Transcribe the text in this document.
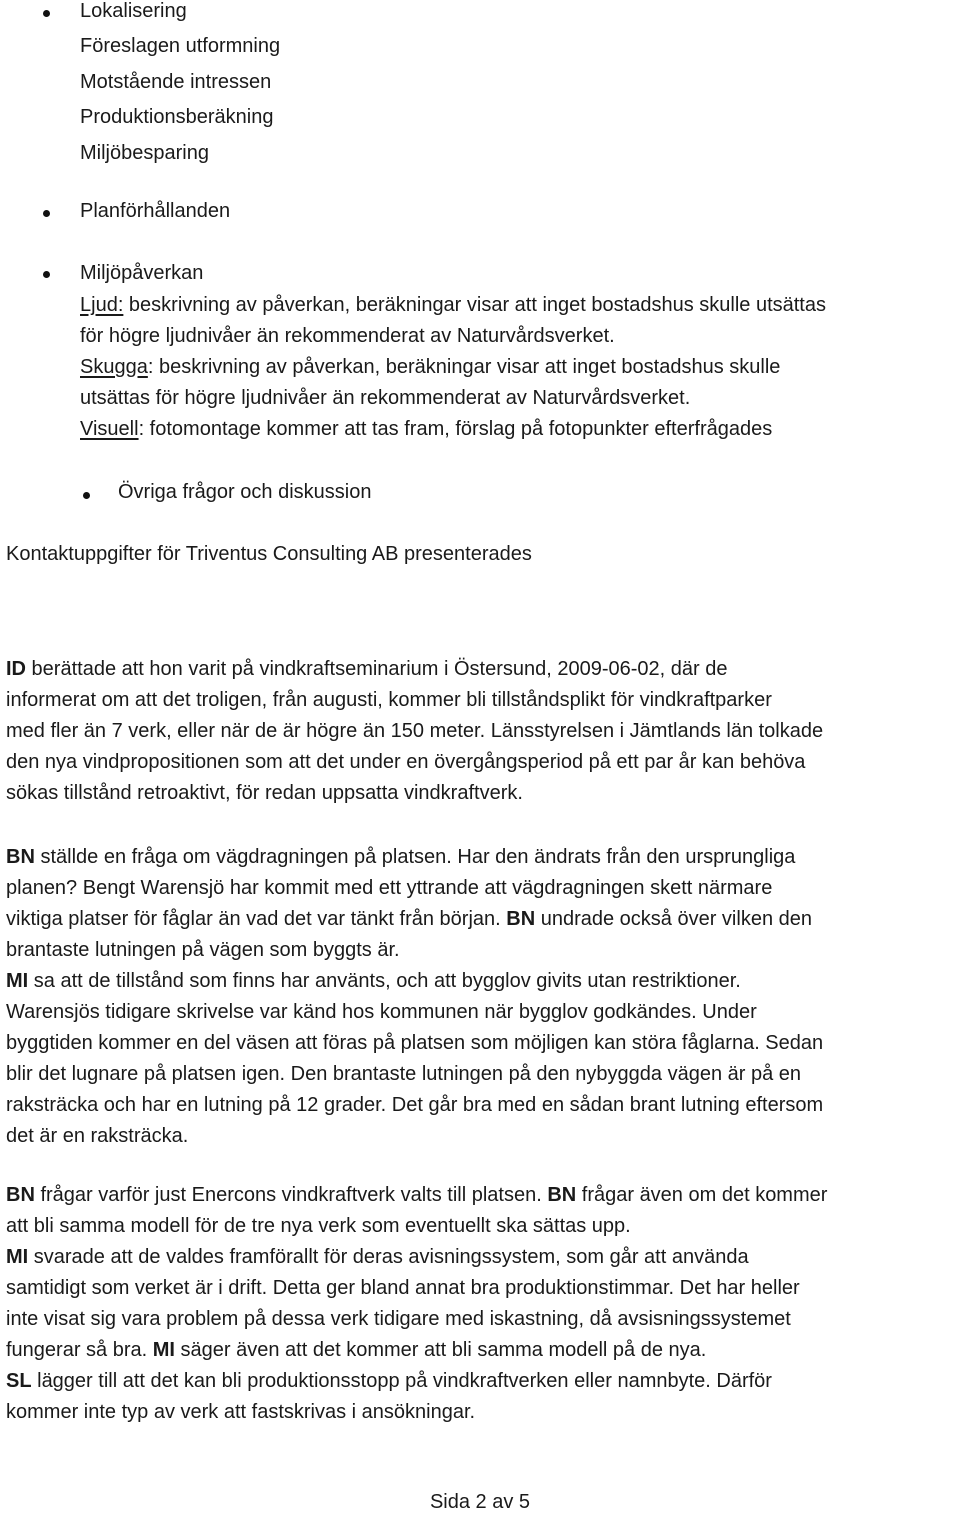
Lokalisering
Föreslagen utformning
Motstående intressen
Produktionsberäkning
Miljöbesparing
Planförhållanden
Miljöpåverkan
Ljud: beskrivning av påverkan, beräkningar visar att inget bostadshus skulle utsättas
för högre ljudnivåer än rekommenderat av Naturvårdsverket.
Skugga: beskrivning av påverkan, beräkningar visar att inget bostadshus skulle
utsättas för högre ljudnivåer än rekommenderat av Naturvårdsverket.
Visuell: fotomontage kommer att tas fram, förslag på fotopunkter efterfrågades
Övriga frågor och diskussion
Kontaktuppgifter för Triventus Consulting AB presenterades

ID berättade att hon varit på vindkraftseminarium i Östersund, 2009-06-02, där de

informerat om att det troligen, från augusti, kommer bli tillståndsplikt för vindkraftparker

med fler än 7 verk, eller när de är högre än 150 meter. Länsstyrelsen i Jämtlands län tolkade

den nya vindpropositionen som att det under en övergångsperiod på ett par år kan behöva

sökas tillstånd retroaktivt, för redan uppsatta vindkraftverk.

BN ställde en fråga om vägdragningen på platsen. Har den ändrats från den ursprungliga

planen? Bengt Warensjö har kommit med ett yttrande att vägdragningen skett närmare

viktiga platser för fåglar än vad det var tänkt från början. BN undrade också över vilken den

brantaste lutningen på vägen som byggts är.

MI sa att de tillstånd som finns har använts, och att bygglov givits utan restriktioner.

Warensjös tidigare skrivelse var känd hos kommunen när bygglov godkändes. Under

byggtiden kommer en del väsen att föras på platsen som möjligen kan störa fåglarna. Sedan

blir det lugnare på platsen igen. Den brantaste lutningen på den nybyggda vägen är på en

raksträcka och har en lutning på 12 grader. Det går bra med en sådan brant lutning eftersom

det är en raksträcka.

BN frågar varför just Enercons vindkraftverk valts till platsen. BN frågar även om det kommer

att bli samma modell för de tre nya verk som eventuellt ska sättas upp.

MI svarade att de valdes framförallt för deras avisningssystem, som går att använda

samtidigt som verket är i drift. Detta ger bland annat bra produktionstimmar. Det har heller

inte visat sig vara problem på dessa verk tidigare med iskastning, då avsisningssystemet

fungerar så bra. MI säger även att det kommer att bli samma modell på de nya.

SL lägger till att det kan bli produktionsstopp på vindkraftverken eller namnbyte. Därför

kommer inte typ av verk att fastskrivas i ansökningar.

Sida 2 av 5
